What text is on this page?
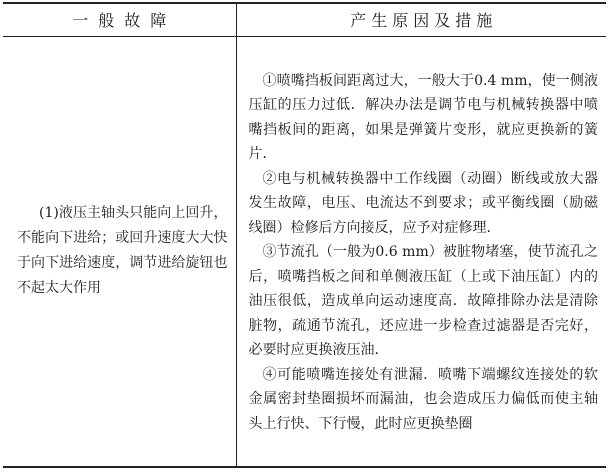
一般故障	产生原因及措施

(1)液压主轴头只能向上回升，不能向下进给；或回升速度大大快于向下进给速度，调节进给旋钮也不起太大作用	①喷嘴挡板间距离过大，一般大于0.4 mm，使一侧液压缸的压力过低．解决办法是调节电与机械转换器中喷嘴挡板间的距离，如果是弹簧片变形，就应更换新的簧片．

②电与机械转换器中工作线圈（动圈）断线或放大器发生故障，电压、电流达不到要求；或平衡线圈（励磁线圈）检修后方向接反，应予对症修理．

③节流孔（一般为0.6 mm）被脏物堵塞，使节流孔之后，喷嘴挡板之间和单侧液压缸（上或下油压缸）内的油压很低，造成单向运动速度高．故障排除办法是清除脏物，疏通节流孔，还应进一步检查过滤器是否完好，必要时应更换液压油．

④可能喷嘴连接处有泄漏．喷嘴下端螺纹连接处的软金属密封垫圈损坏而漏油，也会造成压力偏低而使主轴头上行快、下行慢，此时应更换垫圈
